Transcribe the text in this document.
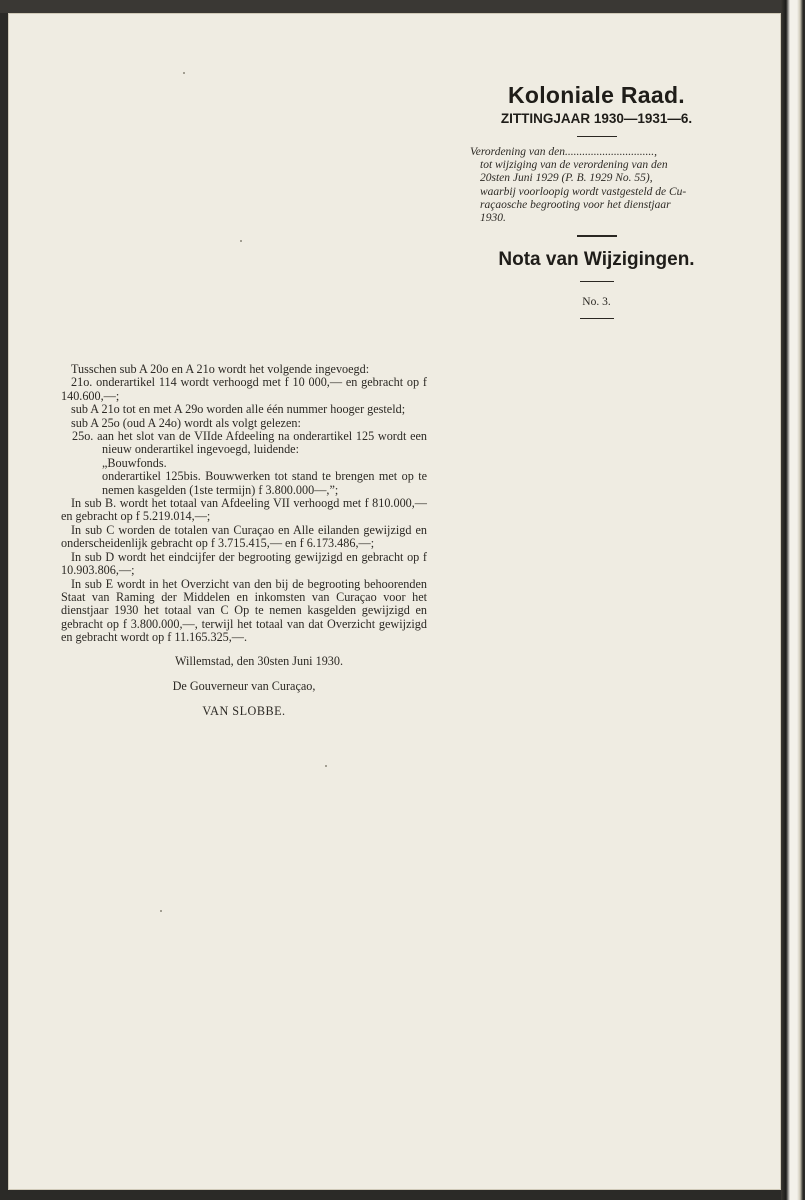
Koloniale Raad.
ZITTINGJAAR 1930—1931—6.
Verordening van den...............................,
tot wijziging van de verordening van den
20sten Juni 1929 (P. B. 1929 No. 55),
waarbij voorloopig wordt vastgesteld de Cu-
raçaosche begrooting voor het dienstjaar
1930.
Nota van Wijzigingen.
No. 3.

Tusschen sub A 20o en A 21o wordt het volgende ingevoegd:

21o. onderartikel 114 wordt verhoogd met f 10 000,— en gebracht op f 140.600,—;

sub A 21o tot en met A 29o worden alle één nummer hooger gesteld;

sub A 25o (oud A 24o) wordt als volgt gelezen:

25o. aan het slot van de VIIde Afdeeling na onderartikel 125 wordt een nieuw onderartikel ingevoegd, luidende:

„Bouwfonds.

onderartikel 125bis. Bouwwerken tot stand te brengen met op te nemen kasgelden (1ste termijn) f 3.800.000—,”;

In sub B. wordt het totaal van Afdeeling VII verhoogd met f 810.000,— en gebracht op f 5.219.014,—;

In sub C worden de totalen van Curaçao en Alle eilanden gewijzigd en onderscheidenlijk gebracht op f 3.715.415,— en f 6.173.486,—;

In sub D wordt het eindcijfer der begrooting gewijzigd en gebracht op f 10.903.806,—;

In sub E wordt in het Overzicht van den bij de begrooting behoorenden Staat van Raming der Middelen en inkomsten van Curaçao voor het dienstjaar 1930 het totaal van C Op te nemen kasgelden gewijzigd en gebracht op f 3.800.000,—, terwijl het totaal van dat Overzicht gewijzigd en gebracht wordt op f 11.165.325,—.

Willemstad, den 30sten Juni 1930.
De Gouverneur van Curaçao,
VAN SLOBBE.
